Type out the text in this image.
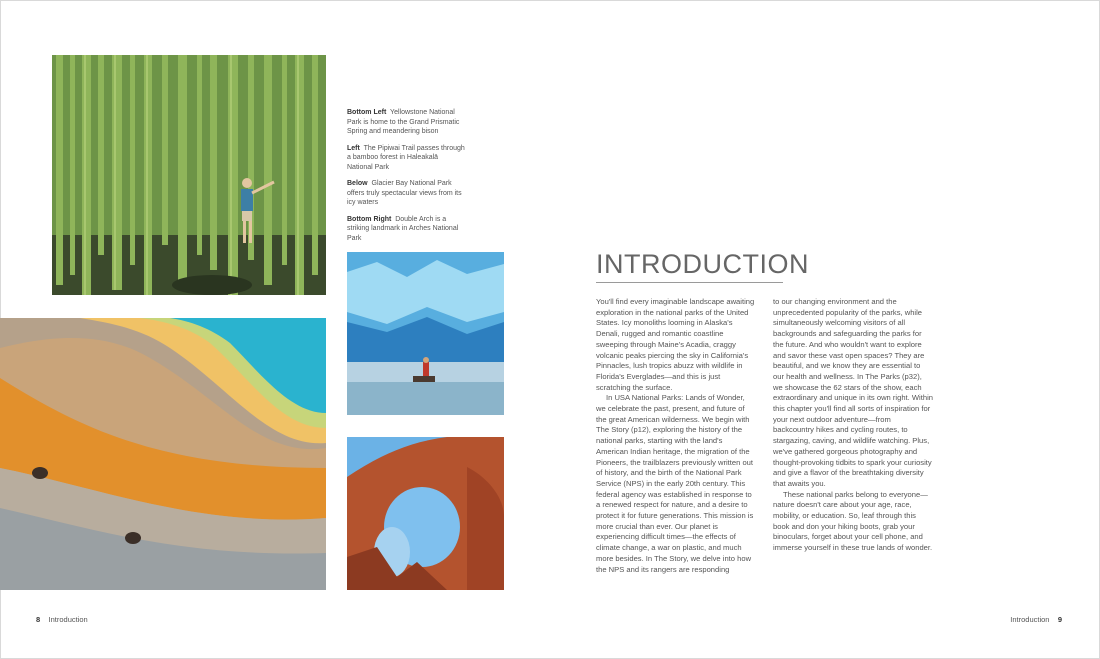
Bottom Left Yellowstone National Park is home to the Grand Prismatic Spring and meandering bison

Left The Pipiwai Trail passes through a bamboo forest in Haleakalā National Park

Below Glacier Bay National Park offers truly spectacular views from its icy waters

Bottom Right Double Arch is a striking landmark in Arches National Park

INTRODUCTION

You'll find every imaginable landscape awaiting exploration in the national parks of the United States. Icy monoliths looming in Alaska's Denali, rugged and romantic coastline sweeping through Maine's Acadia, craggy volcanic peaks piercing the sky in California's Pinnacles, lush tropics abuzz with wildlife in Florida's Everglades—and this is just scratching the surface.

In USA National Parks: Lands of Wonder, we celebrate the past, present, and future of the great American wilderness. We begin with The Story (p12), exploring the history of the national parks, starting with the land's American Indian heritage, the migration of the Pioneers, the trailblazers previously written out of history, and the birth of the National Park Service (NPS) in the early 20th century. This federal agency was established in response to a renewed respect for nature, and a desire to protect it for future generations. This mission is more crucial than ever. Our planet is experiencing difficult times—the effects of climate change, a war on plastic, and much more besides. In The Story, we delve into how the NPS and its rangers are responding

to our changing environment and the unprecedented popularity of the parks, while simultaneously welcoming visitors of all backgrounds and safeguarding the parks for the future. And who wouldn't want to explore and savor these vast open spaces? They are beautiful, and we know they are essential to our health and wellness. In The Parks (p32), we showcase the 62 stars of the show, each extraordinary and unique in its own right. Within this chapter you'll find all sorts of inspiration for your next outdoor adventure—from backcountry hikes and cycling routes, to stargazing, caving, and wildlife watching. Plus, we've gathered gorgeous photography and thought-provoking tidbits to spark your curiosity and give a flavor of the breathtaking diversity that awaits you.

These national parks belong to everyone—nature doesn't care about your age, race, mobility, or education. So, leaf through this book and don your hiking boots, grab your binoculars, forget about your cell phone, and immerse yourself in these true lands of wonder.

8 Introduction	Introduction 9
